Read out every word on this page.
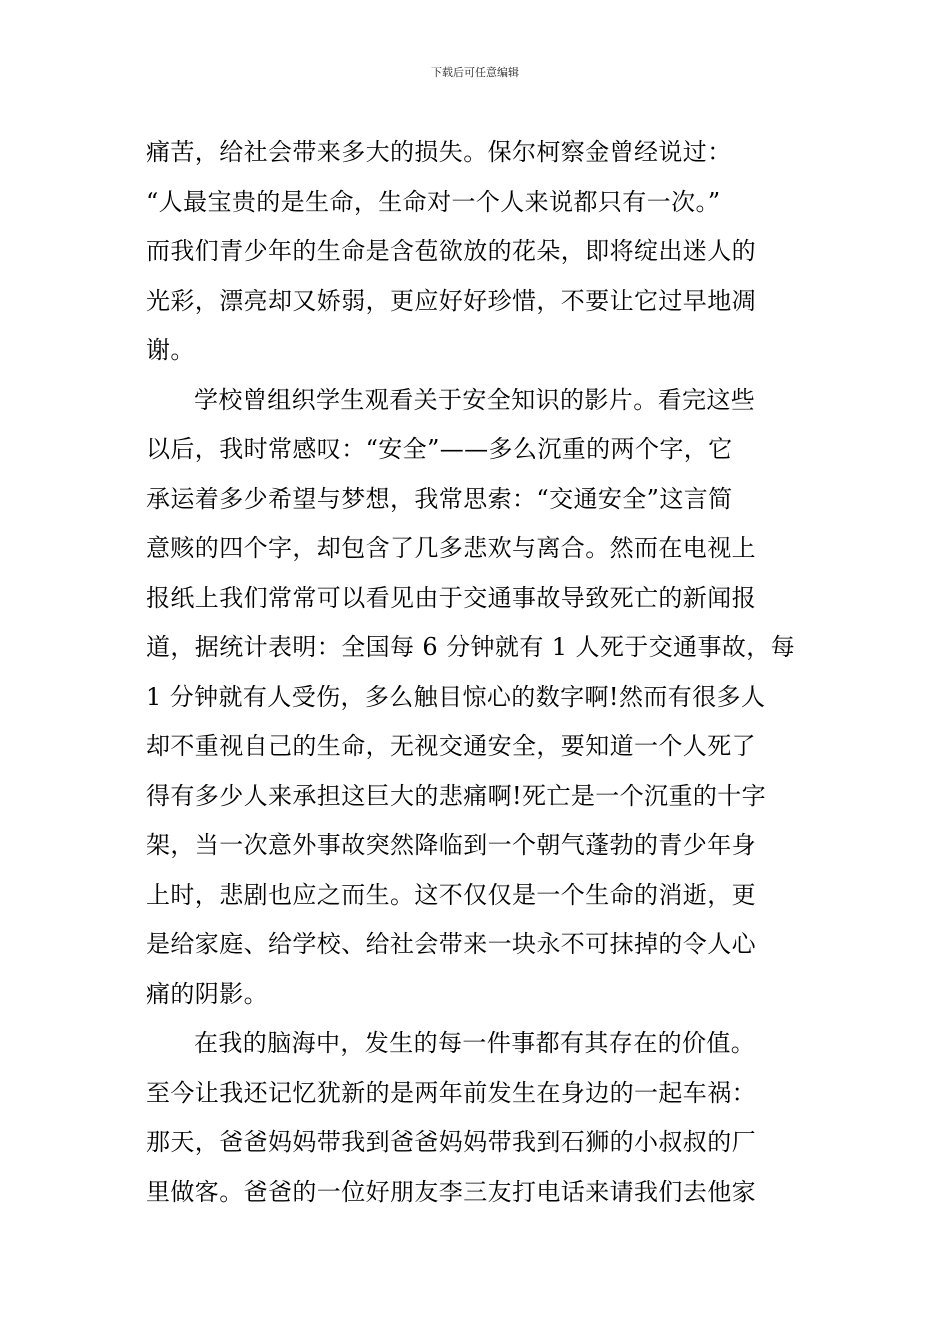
下载后可任意编辑
痛苦，给社会带来多大的损失。保尔柯察金曾经说过：
“人最宝贵的是生命，生命对一个人来说都只有一次。”
而我们青少年的生命是含苞欲放的花朵，即将绽出迷人的
光彩，漂亮却又娇弱，更应好好珍惜，不要让它过早地凋
谢。
学校曾组织学生观看关于安全知识的影片。看完这些
以后，我时常感叹：“安全”——多么沉重的两个字，它
承运着多少希望与梦想，我常思索：“交通安全”这言简
意赅的四个字，却包含了几多悲欢与离合。然而在电视上
报纸上我们常常可以看见由于交通事故导致死亡的新闻报
道，据统计表明：全国每 6 分钟就有 1 人死于交通事故，每
1 分钟就有人受伤，多么触目惊心的数字啊!然而有很多人
却不重视自己的生命，无视交通安全，要知道一个人死了
得有多少人来承担这巨大的悲痛啊!死亡是一个沉重的十字
架，当一次意外事故突然降临到一个朝气蓬勃的青少年身
上时，悲剧也应之而生。这不仅仅是一个生命的消逝，更
是给家庭、给学校、给社会带来一块永不可抹掉的令人心
痛的阴影。
在我的脑海中，发生的每一件事都有其存在的价值。
至今让我还记忆犹新的是两年前发生在身边的一起车祸：
那天，爸爸妈妈带我到爸爸妈妈带我到石狮的小叔叔的厂
里做客。爸爸的一位好朋友李三友打电话来请我们去他家
